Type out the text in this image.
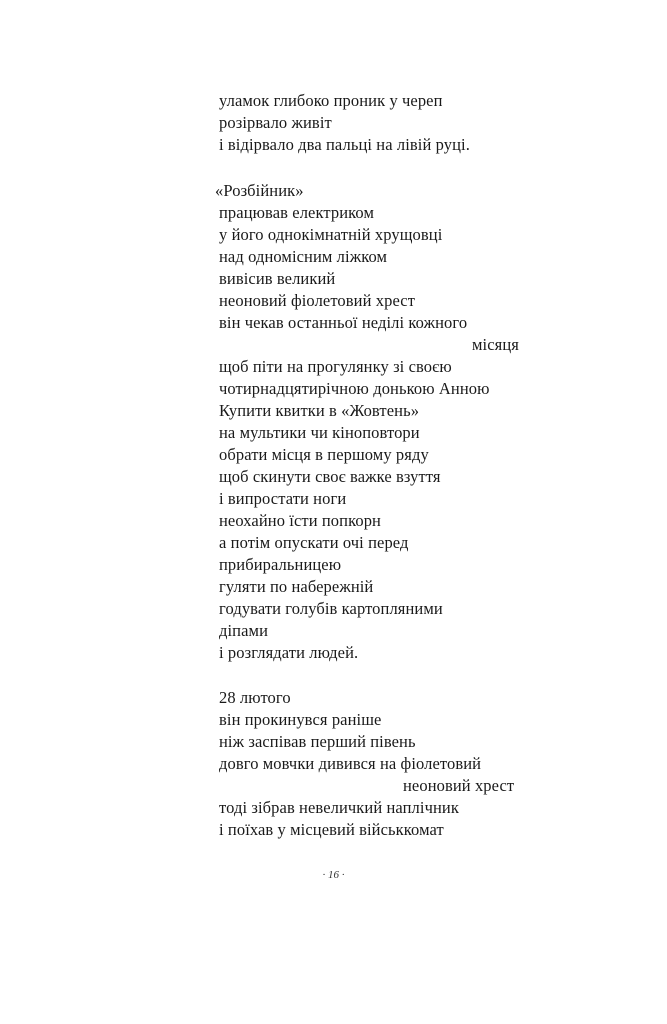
уламок глибоко проник у череп
розірвало живіт
і відірвало два пальці на лівій руці.
«Розбійник»
працював електриком
у його однокімнатній хрущовці
над одномісним ліжком
вивісив великий
неоновий фіолетовий хрест
він чекав останньої неділі кожного
місяця
щоб піти на прогулянку зі своєю
чотирнадцятирічною донькою Анною
Купити квитки в «Жовтень»
на мультики чи кіноповтори
обрати місця в першому ряду
щоб скинути своє важке взуття
і випростати ноги
неохайно їсти попкорн
а потім опускати очі перед
прибиральницею
гуляти по набережній
годувати голубів картопляними
діпами
і розглядати людей.
28 лютого
він прокинувся раніше
ніж заспівав перший півень
довго мовчки дивився на фіолетовий
неоновий хрест
тоді зібрав невеличкий наплічник
і поїхав у місцевий військкомат
· 16 ·
